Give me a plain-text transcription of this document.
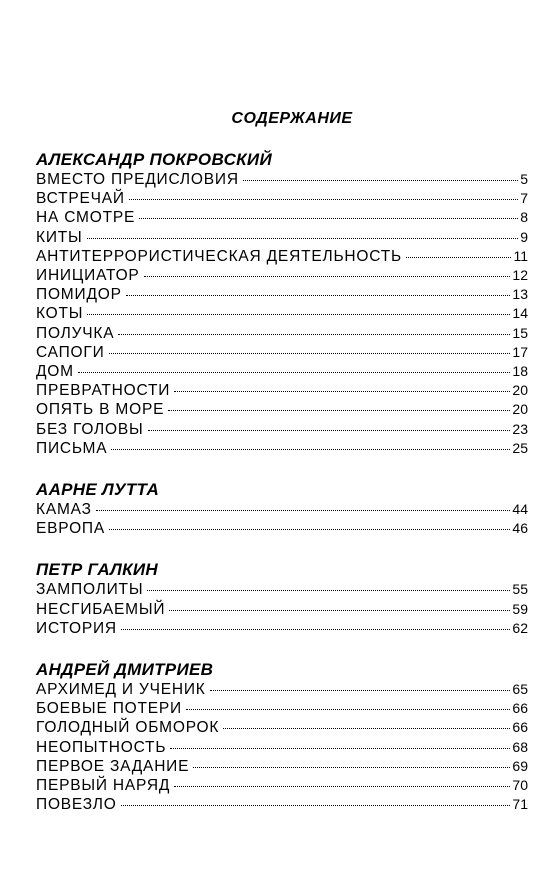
СОДЕРЖАНИЕ
АЛЕКСАНДР ПОКРОВСКИЙ
ВМЕСТО ПРЕДИСЛОВИЯ	5
ВСТРЕЧАЙ	7
НА СМОТРЕ	8
КИТЫ	9
АНТИТЕРРОРИСТИЧЕСКАЯ ДЕЯТЕЛЬНОСТЬ	11
ИНИЦИАТОР	12
ПОМИДОР	13
КОТЫ	14
ПОЛУЧКА	15
САПОГИ	17
ДОМ	18
ПРЕВРАТНОСТИ	20
ОПЯТЬ В МОРЕ	20
БЕЗ ГОЛОВЫ	23
ПИСЬМА	25
ААРНЕ ЛУТТА
КАМАЗ	44
ЕВРОПА	46
ПЕТР ГАЛКИН
ЗАМПОЛИТЫ	55
НЕСГИБАЕМЫЙ	59
ИСТОРИЯ	62
АНДРЕЙ ДМИТРИЕВ
АРХИМЕД И УЧЕНИК	65
БОЕВЫЕ ПОТЕРИ	66
ГОЛОДНЫЙ ОБМОРОК	66
НЕОПЫТНОСТЬ	68
ПЕРВОЕ ЗАДАНИЕ	69
ПЕРВЫЙ НАРЯД	70
ПОВЕЗЛО	71
